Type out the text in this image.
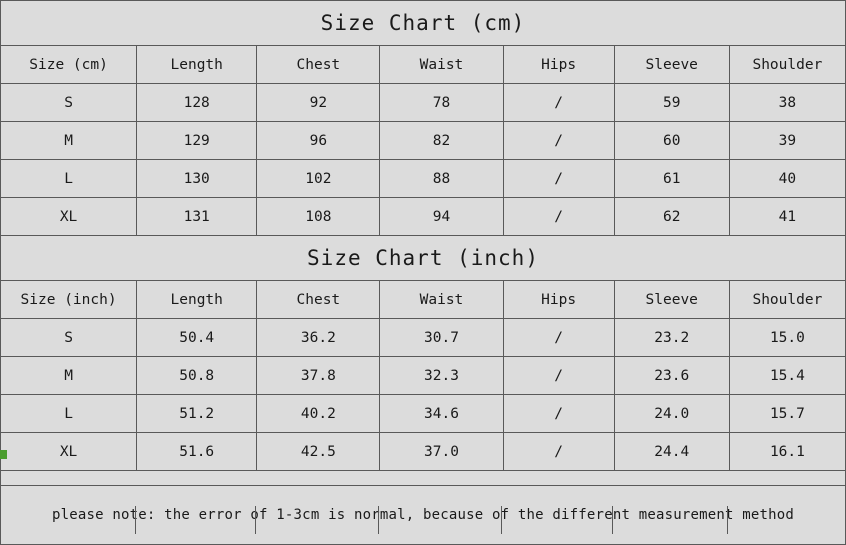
Size Chart (cm)						
Size (cm)	Length	Chest	Waist	Hips	Sleeve	Shoulder
S	128	92	78	/	59	38
M	129	96	82	/	60	39
L	130	102	88	/	61	40
XL	131	108	94	/	62	41
Size Chart (inch)						
Size (inch)	Length	Chest	Waist	Hips	Sleeve	Shoulder
S	50.4	36.2	30.7	/	23.2	15.0
M	50.8	37.8	32.3	/	23.6	15.4
L	51.2	40.2	34.6	/	24.0	15.7
XL	51.6	42.5	37.0	/	24.4	16.1

please note: the error of 1-3cm is normal, because of the different measurement method						
